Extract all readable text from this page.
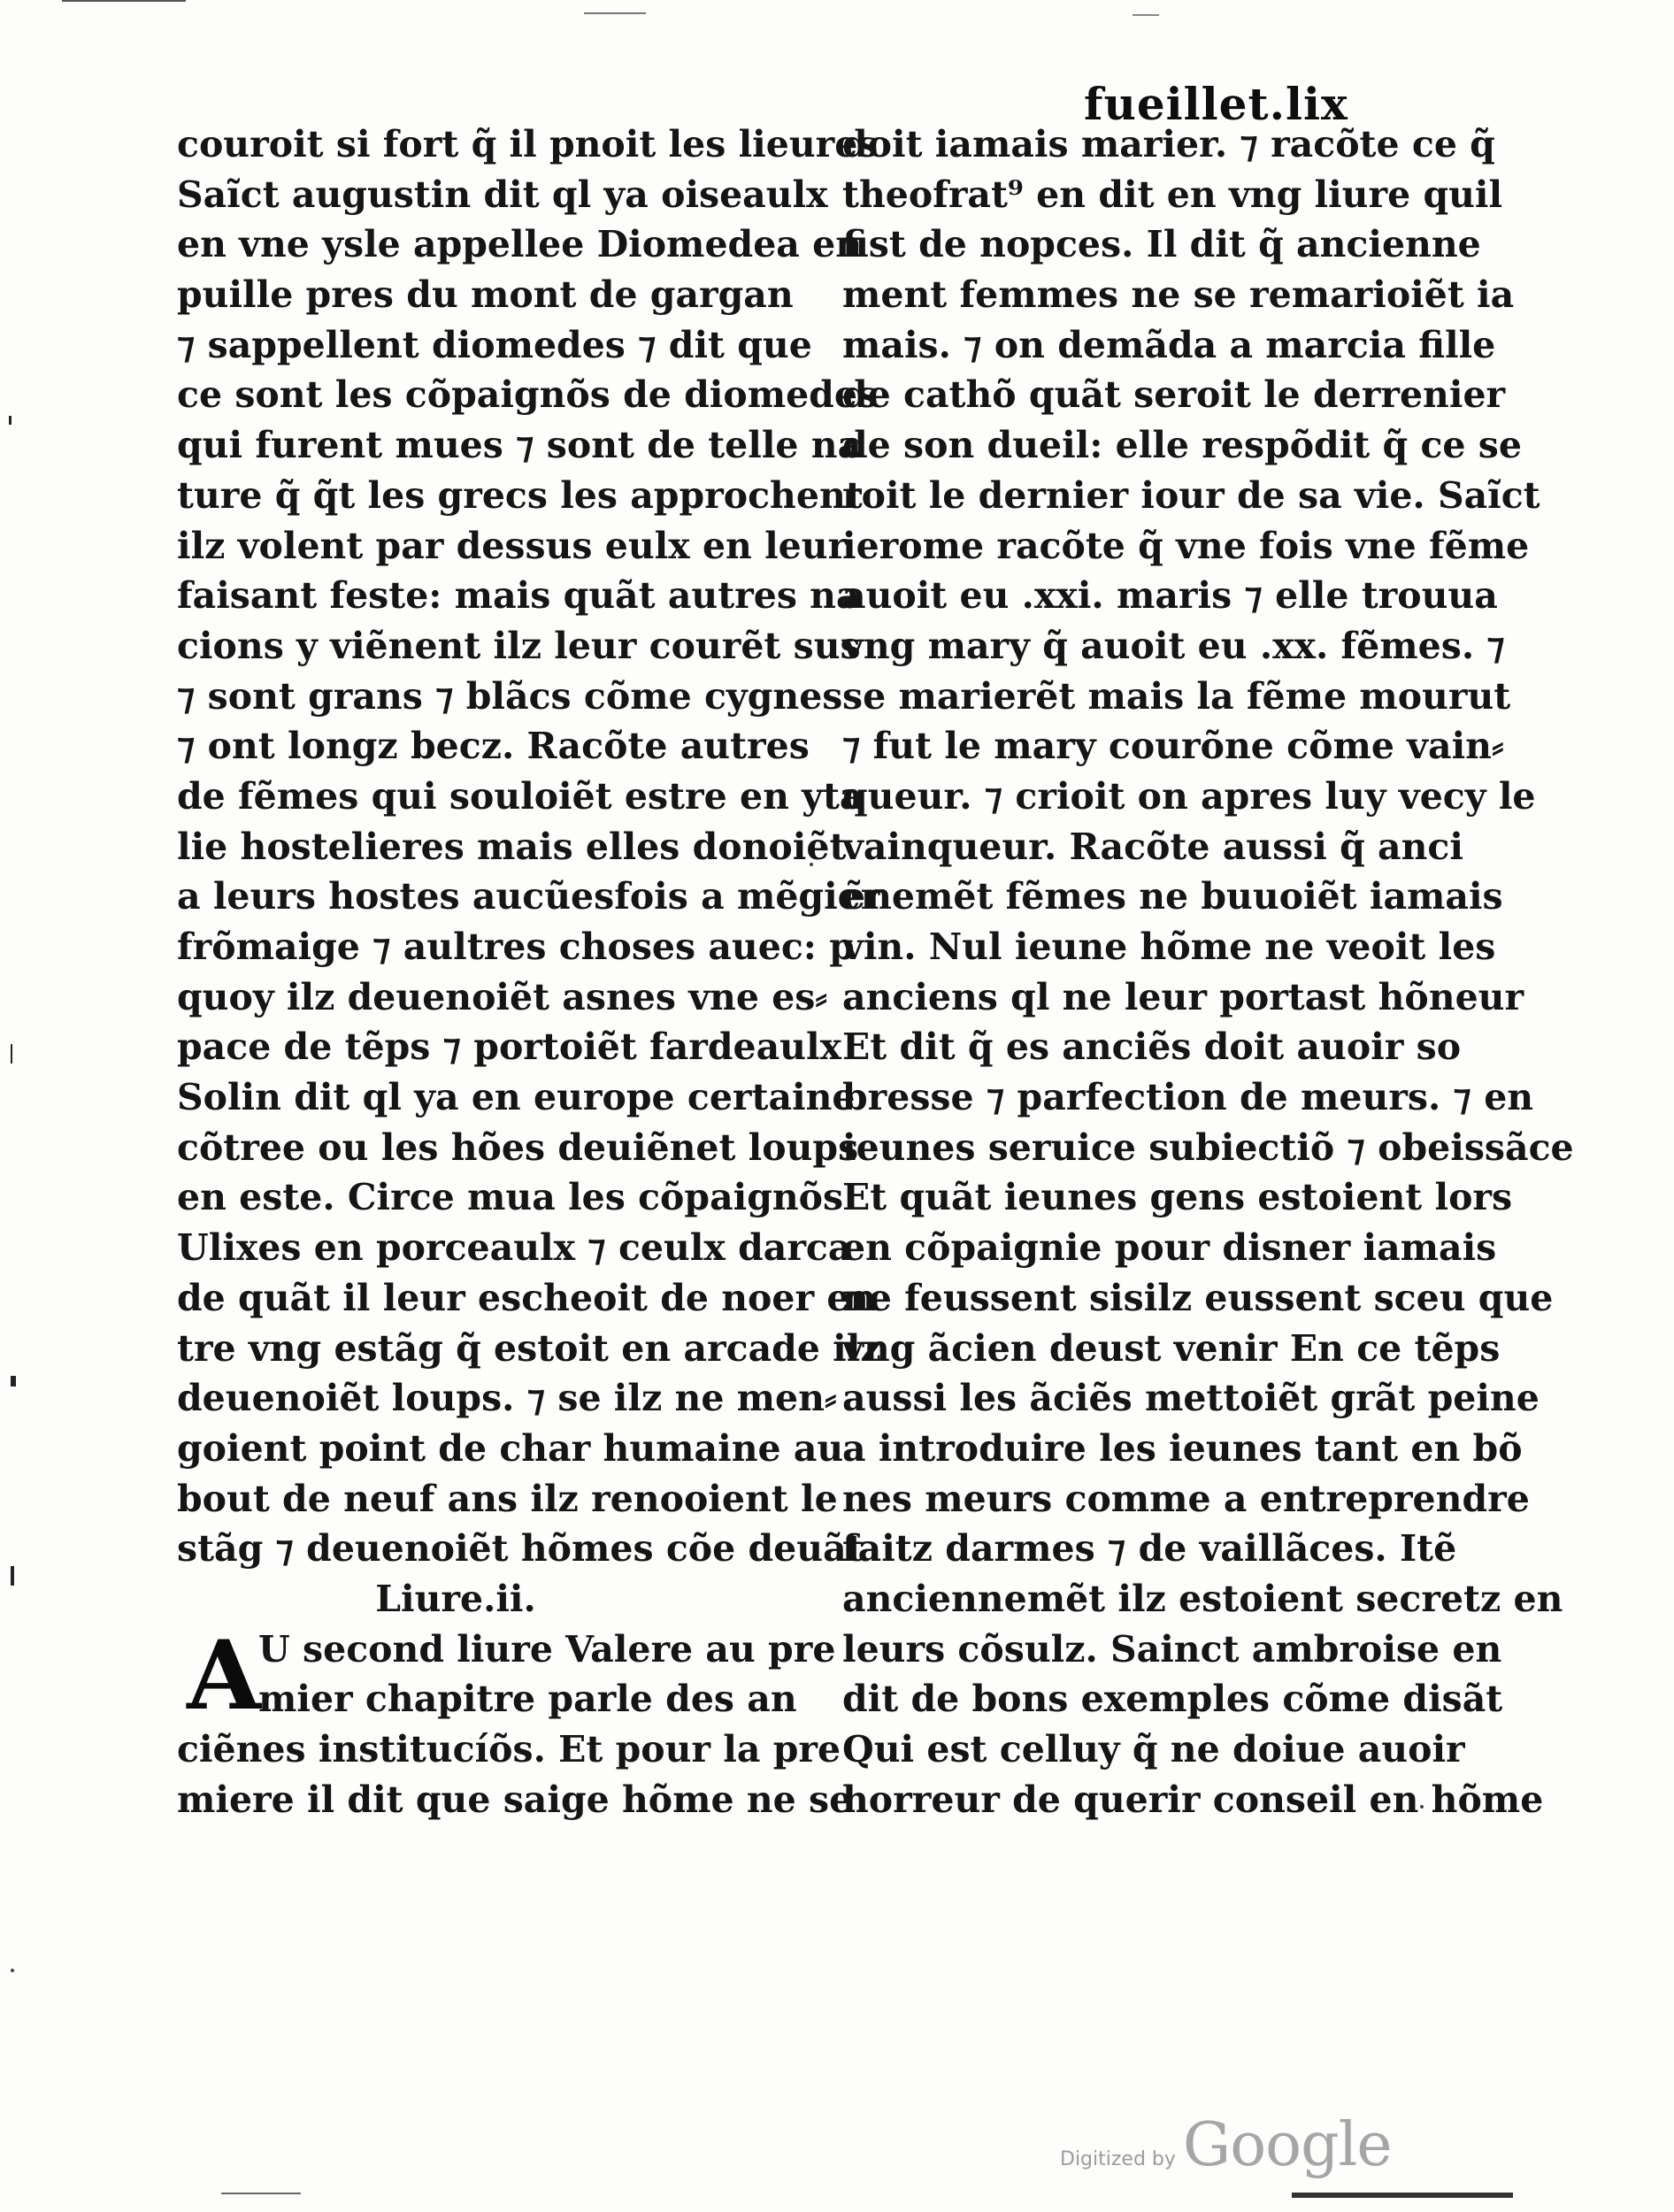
fueillet.lix
couroit si fort q̃ il pnoit les lieures
Saĩct augustin dit ql ya oiseaulx
en vne ysle appellee Diomedea en
puille pres du mont de gargan
⁊ sappellent diomedes ⁊ dit que
ce sont les cõpaignõs de diomedes
qui furent mues ⁊ sont de telle na
ture q̃ q̃t les grecs les approchent
ilz volent par dessus eulx en leur
faisant feste: mais quãt autres na
cions y viẽnent ilz leur courẽt sus
⁊ sont grans ⁊ blãcs cõme cygnes
⁊ ont longz becz. Racõte autres
de fẽmes qui souloiẽt estre en yta
lie hostelieres mais elles donoiẽt
a leurs hostes aucũesfois a mẽgier
frõmaige ⁊ aultres choses auec: p
quoy ilz deuenoiẽt asnes vne es⸗
pace de tẽps ⁊ portoiẽt fardeaulx
Solin dit ql ya en europe certaine
cõtree ou les hões deuiẽnet loups
en este. Circe mua les cõpaignõs
Ulixes en porceaulx ⁊ ceulx darca
de quãt il leur escheoit de noer en
tre vng estãg q̃ estoit en arcade ilz
deuenoiẽt loups. ⁊ se ilz ne men⸗
goient point de char humaine au
bout de neuf ans ilz renooient le
stãg ⁊ deuenoiẽt hõmes cõe deuãt
Liure.ii.
A
U second liure Valere au pre
mier chapitre parle des an
ciẽnes institucíõs. Et pour la pre
miere il dit que saige hõme ne se
doit iamais marier. ⁊ racõte ce q̃
theofrat⁹ en dit en vng liure quil
fist de nopces. Il dit q̃ ancienne
ment femmes ne se remarioiẽt ia
mais. ⁊ on demãda a marcia fille
de cathõ quãt seroit le derrenier
de son dueil: elle respõdit q̃ ce se
roit le dernier iour de sa vie. Saĩct
ierome racõte q̃ vne fois vne fẽme
auoit eu .xxi. maris ⁊ elle trouua
vng mary q̃ auoit eu .xx. fẽmes. ⁊
se marierẽt mais la fẽme mourut
⁊ fut le mary courõne cõme vain⸗
queur. ⁊ crioit on apres luy vecy le
vainqueur. Racõte aussi q̃ anci
ẽnemẽt fẽmes ne buuoiẽt iamais
vin. Nul ieune hõme ne veoit les
anciens ql ne leur portast hõneur
Et dit q̃ es anciẽs doit auoir so
bresse ⁊ parfection de meurs. ⁊ en
ieunes seruice subiectiõ ⁊ obeissãce
Et quãt ieunes gens estoient lors
en cõpaignie pour disner iamais
ne feussent sisilz eussent sceu que
vng ãcien deust venir En ce tẽps
aussi les ãciẽs mettoiẽt grãt peine
a introduire les ieunes tant en bõ
nes meurs comme a entreprendre
faitz darmes ⁊ de vaillãces. Itẽ
anciennemẽt ilz estoient secretz en
leurs cõsulz. Sainct ambroise en
dit de bons exemples cõme disãt
Qui est celluy q̃ ne doiue auoir
horreur de querir conseil en hõme
Digitized by Google
